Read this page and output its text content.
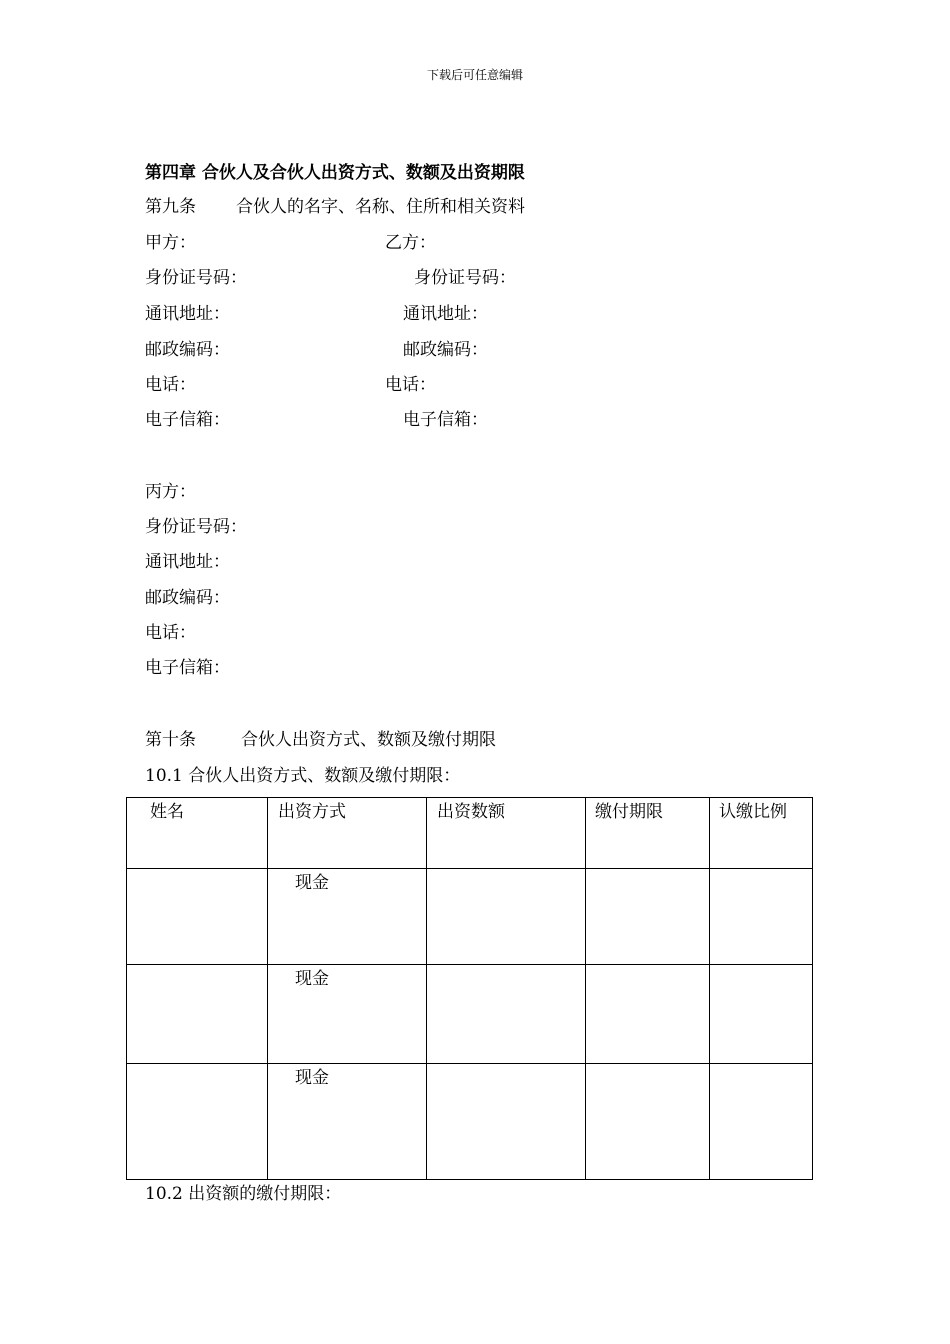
下载后可任意编辑
第四章 合伙人及合伙人出资方式、数额及出资期限
第九条 合伙人的名字、名称、住所和相关资料
甲方：
身份证号码：
通讯地址：
邮政编码：
电话：
电子信箱：
乙方：
身份证号码：
通讯地址：
邮政编码：
电话：
电子信箱：
丙方：
身份证号码：
通讯地址：
邮政编码：
电话：
电子信箱：
第十条	合伙人出资方式、数额及缴付期限
10.1 合伙人出资方式、数额及缴付期限：
姓名	出资方式	出资数额	缴付期限	认缴比例

	现金			

	现金			

	现金			

10.2 出资额的缴付期限：
